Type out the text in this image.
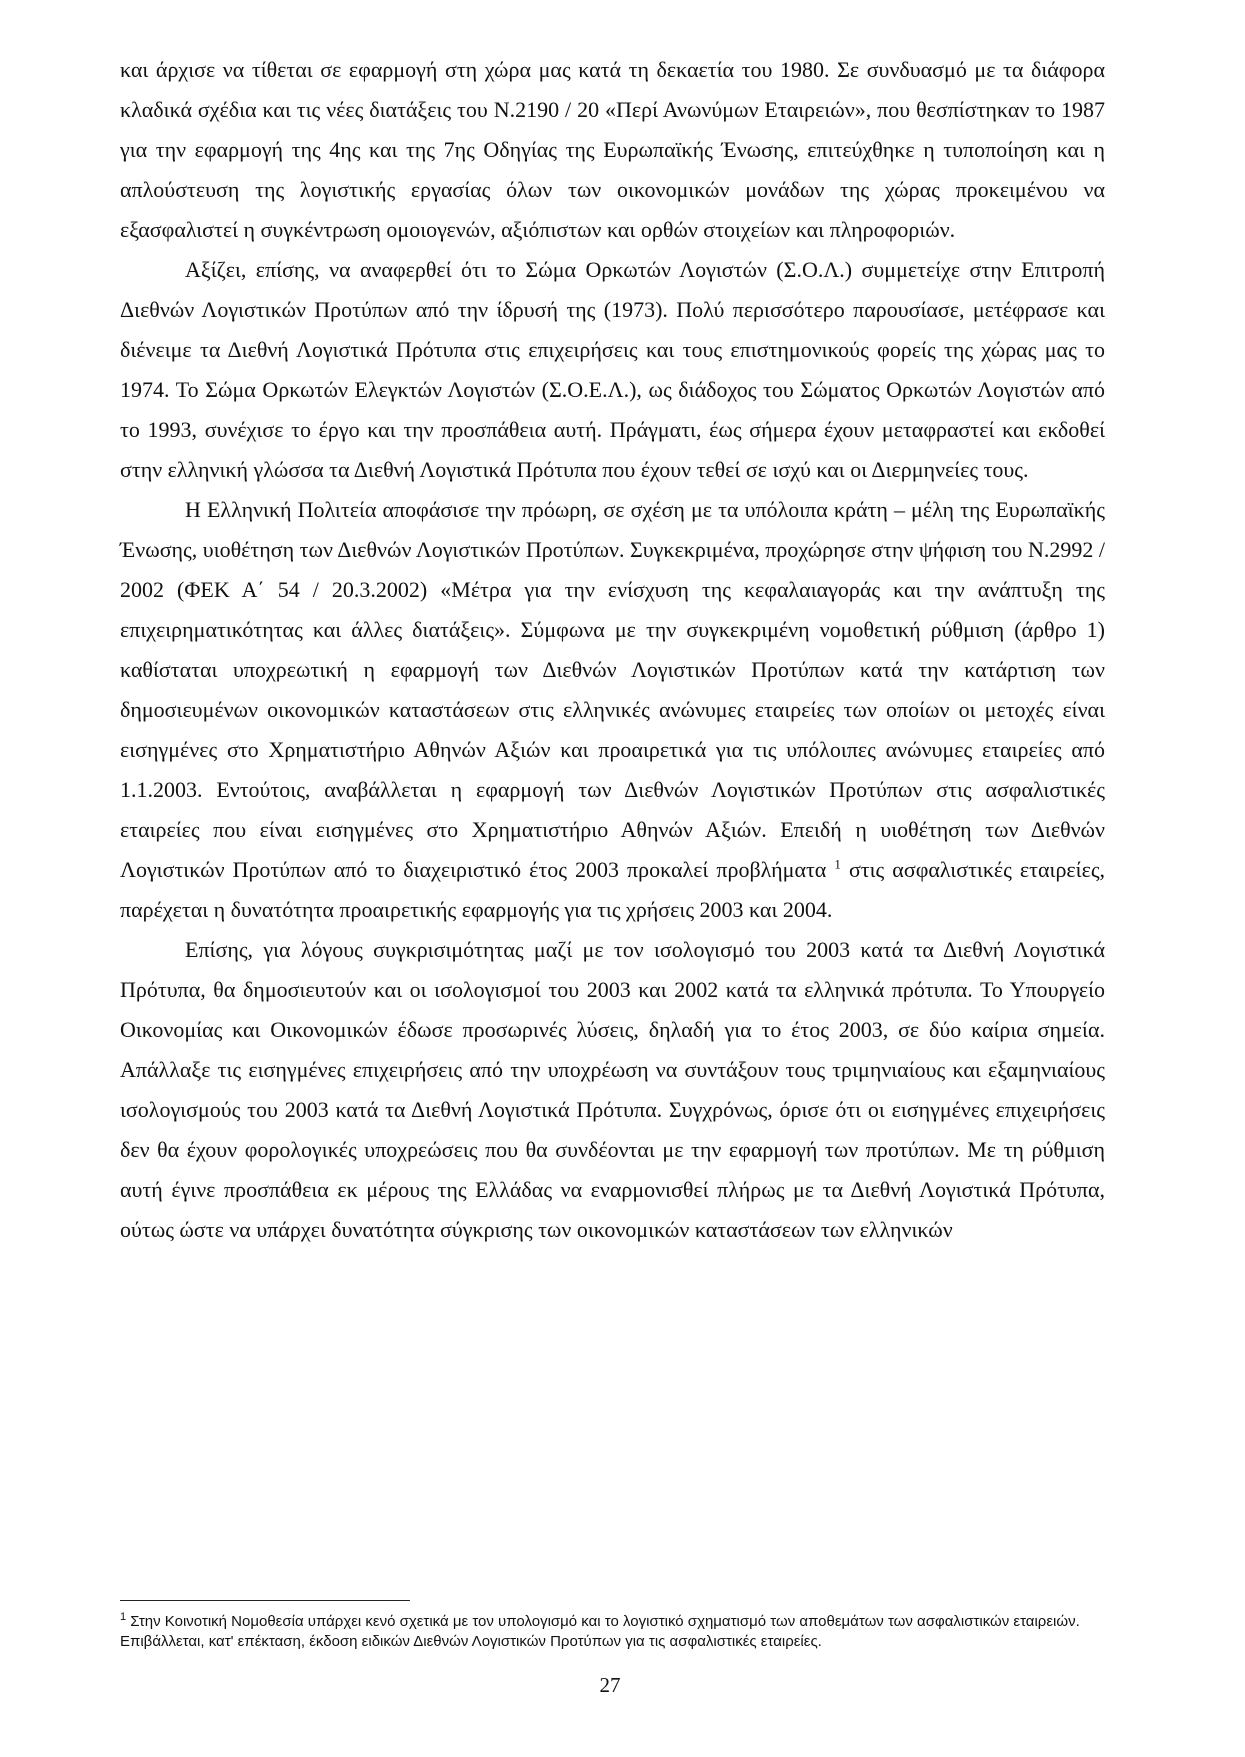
και άρχισε να τίθεται σε εφαρμογή στη χώρα μας κατά τη δεκαετία του 1980. Σε συνδυασμό με τα διάφορα κλαδικά σχέδια και τις νέες διατάξεις του Ν.2190 / 20 «Περί Ανωνύμων Εταιρειών», που θεσπίστηκαν το 1987 για την εφαρμογή της 4ης και της 7ης Οδηγίας της Ευρωπαϊκής Ένωσης, επιτεύχθηκε η τυποποίηση και η απλούστευση της λογιστικής εργασίας όλων των οικονομικών μονάδων της χώρας προκειμένου να εξασφαλιστεί η συγκέντρωση ομοιογενών, αξιόπιστων και ορθών στοιχείων και πληροφοριών.

Αξίζει, επίσης, να αναφερθεί ότι το Σώμα Ορκωτών Λογιστών (Σ.Ο.Λ.) συμμετείχε στην Επιτροπή Διεθνών Λογιστικών Προτύπων από την ίδρυσή της (1973). Πολύ περισσότερο παρουσίασε, μετέφρασε και διένειμε τα Διεθνή Λογιστικά Πρότυπα στις επιχειρήσεις και τους επιστημονικούς φορείς της χώρας μας το 1974. Το Σώμα Ορκωτών Ελεγκτών Λογιστών (Σ.Ο.Ε.Λ.), ως διάδοχος του Σώματος Ορκωτών Λογιστών από το 1993, συνέχισε το έργο και την προσπάθεια αυτή. Πράγματι, έως σήμερα έχουν μεταφραστεί και εκδοθεί στην ελληνική γλώσσα τα Διεθνή Λογιστικά Πρότυπα που έχουν τεθεί σε ισχύ και οι Διερμηνείες τους.

Η Ελληνική Πολιτεία αποφάσισε την πρόωρη, σε σχέση με τα υπόλοιπα κράτη – μέλη της Ευρωπαϊκής Ένωσης, υιοθέτηση των Διεθνών Λογιστικών Προτύπων. Συγκεκριμένα, προχώρησε στην ψήφιση του Ν.2992 / 2002 (ΦΕΚ Α΄ 54 / 20.3.2002) «Μέτρα για την ενίσχυση της κεφαλαιαγοράς και την ανάπτυξη της επιχειρηματικότητας και άλλες διατάξεις». Σύμφωνα με την συγκεκριμένη νομοθετική ρύθμιση (άρθρο 1) καθίσταται υποχρεωτική η εφαρμογή των Διεθνών Λογιστικών Προτύπων κατά την κατάρτιση των δημοσιευμένων οικονομικών καταστάσεων στις ελληνικές ανώνυμες εταιρείες των οποίων οι μετοχές είναι εισηγμένες στο Χρηματιστήριο Αθηνών Αξιών και προαιρετικά για τις υπόλοιπες ανώνυμες εταιρείες από 1.1.2003. Εντούτοις, αναβάλλεται η εφαρμογή των Διεθνών Λογιστικών Προτύπων στις ασφαλιστικές εταιρείες που είναι εισηγμένες στο Χρηματιστήριο Αθηνών Αξιών. Επειδή η υιοθέτηση των Διεθνών Λογιστικών Προτύπων από το διαχειριστικό έτος 2003 προκαλεί προβλήματα $^1$ στις ασφαλιστικές εταιρείες, παρέχεται η δυνατότητα προαιρετικής εφαρμογής για τις χρήσεις 2003 και 2004.

Επίσης, για λόγους συγκρισιμότητας μαζί με τον ισολογισμό του 2003 κατά τα Διεθνή Λογιστικά Πρότυπα, θα δημοσιευτούν και οι ισολογισμοί του 2003 και 2002 κατά τα ελληνικά πρότυπα. Το Υπουργείο Οικονομίας και Οικονομικών έδωσε προσωρινές λύσεις, δηλαδή για το έτος 2003, σε δύο καίρια σημεία. Απάλλαξε τις εισηγμένες επιχειρήσεις από την υποχρέωση να συντάξουν τους τριμηνιαίους και εξαμηνιαίους ισολογισμούς του 2003 κατά τα Διεθνή Λογιστικά Πρότυπα. Συγχρόνως, όρισε ότι οι εισηγμένες επιχειρήσεις δεν θα έχουν φορολογικές υποχρεώσεις που θα συνδέονται με την εφαρμογή των προτύπων. Με τη ρύθμιση αυτή έγινε προσπάθεια εκ μέρους της Ελλάδας να εναρμονισθεί πλήρως με τα Διεθνή Λογιστικά Πρότυπα, ούτως ώστε να υπάρχει δυνατότητα σύγκρισης των οικονομικών καταστάσεων των ελληνικών

$^1$ Στην Κοινοτική Νομοθεσία υπάρχει κενό σχετικά με τον υπολογισμό και το λογιστικό σχηματισμό των αποθεμάτων των ασφαλιστικών εταιρειών. Επιβάλλεται, κατ' επέκταση, έκδοση ειδικών Διεθνών Λογιστικών Προτύπων για τις ασφαλιστικές εταιρείες.
27
